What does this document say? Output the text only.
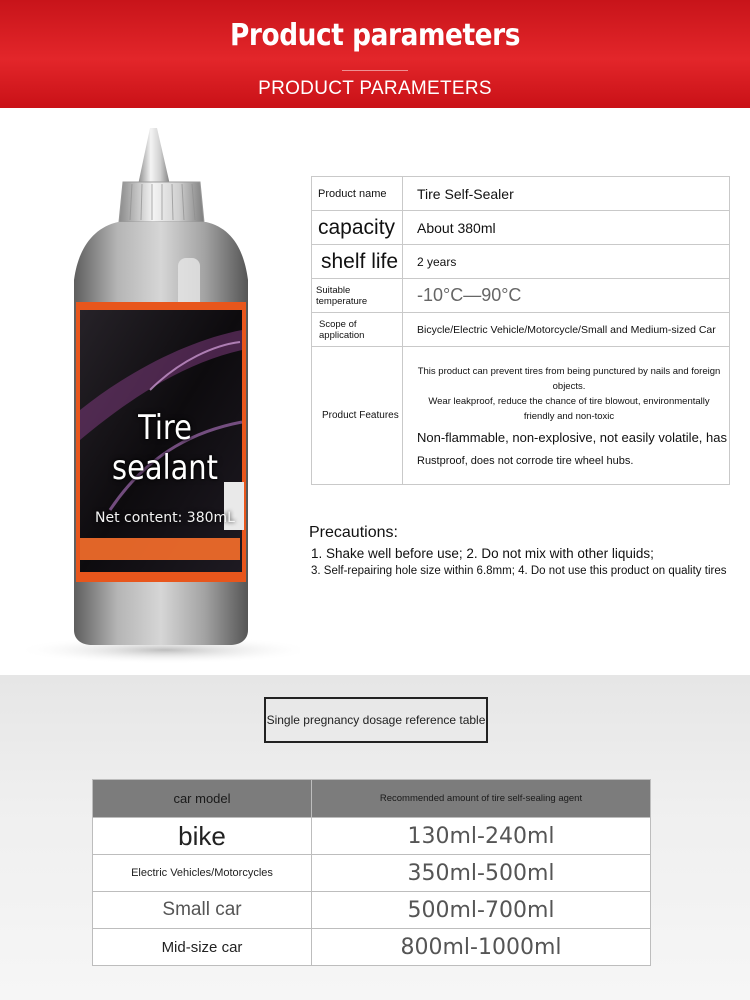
Product parameters
PRODUCT PARAMETERS
Tire sealant
Net content: 380mL
Product name	Tire Self-Sealer
capacity	About 380ml
shelf life	2 years
Suitable temperature	-10°C—90°C
Scope of application	Bicycle/Electric Vehicle/Motorcycle/Small and Medium-sized Car
Product Features	This product can prevent tires from being punctured by nails and foreign objects.
Wear leakproof, reduce the chance of tire blowout, environmentally friendly and non-toxic
Non-flammable, non-explosive, not easily volatile, has
Rustproof, does not corrode tire wheel hubs.
Precautions:
1. Shake well before use; 2. Do not mix with other liquids;
3. Self-repairing hole size within 6.8mm; 4. Do not use this product on quality tires
Single pregnancy dosage reference table
car model	Recommended amount of tire self-sealing agent
bike	130ml-240ml
Electric Vehicles/Motorcycles	350ml-500ml
Small car	500ml-700ml
Mid-size car	800ml-1000ml
